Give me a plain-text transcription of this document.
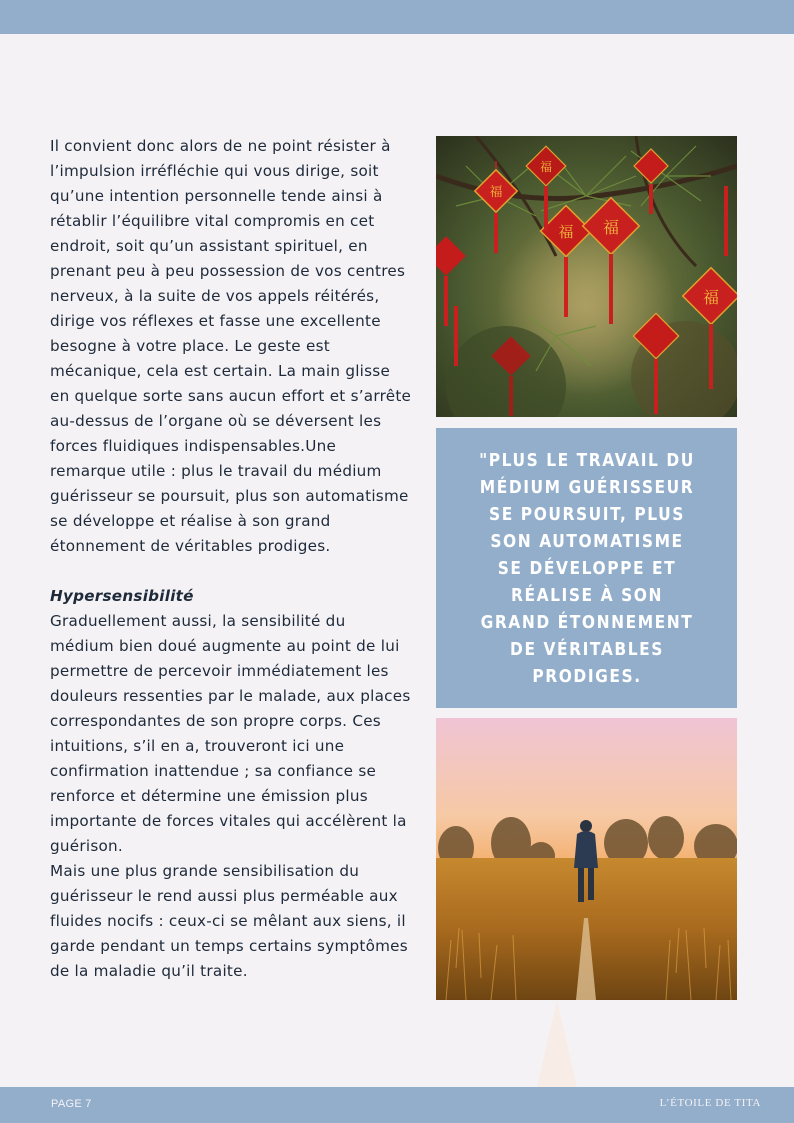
Il convient donc alors de ne point résister à l’impulsion irréfléchie qui vous dirige, soit qu’une intention personnelle tende ainsi à rétablir l’équilibre vital compromis en cet endroit, soit qu’un assistant spirituel, en prenant peu à peu possession de vos centres nerveux, à la suite de vos appels réitérés, dirige vos réflexes et fasse une excellente besogne à votre place. Le geste est mécanique, cela est certain. La main glisse en quelque sorte sans aucun effort et s’arrête au-dessus de l’organe où se déversent les forces fluidiques indispensables.Une remarque utile : plus le travail du médium guérisseur se poursuit, plus son automatisme se développe et réalise à son grand étonnement de véritables prodiges.

Hypersensibilité

Graduellement aussi, la sensibilité du médium bien doué augmente au point de lui permettre de percevoir immédiatement les douleurs ressenties par le malade, aux places correspondantes de son propre corps. Ces intuitions, s’il en a, trouveront ici une confirmation inattendue ; sa confiance se renforce et détermine une émission plus importante de forces vitales qui accélèrent la guérison.

Mais une plus grande sensibilisation du guérisseur le rend aussi plus perméable aux fluides nocifs : ceux-ci se mêlant aux siens, il garde pendant un temps certains symptômes de la maladie qu’il traite.

福
福 福
福
福
"PLUS LE TRAVAIL DU MÉDIUM GUÉRISSEUR SE POURSUIT, PLUS SON AUTOMATISME SE DÉVELOPPE ET RÉALISE À SON GRAND ÉTONNEMENT DE VÉRITABLES PRODIGES.
PAGE 7	L’ÉTOILE DE TITA
